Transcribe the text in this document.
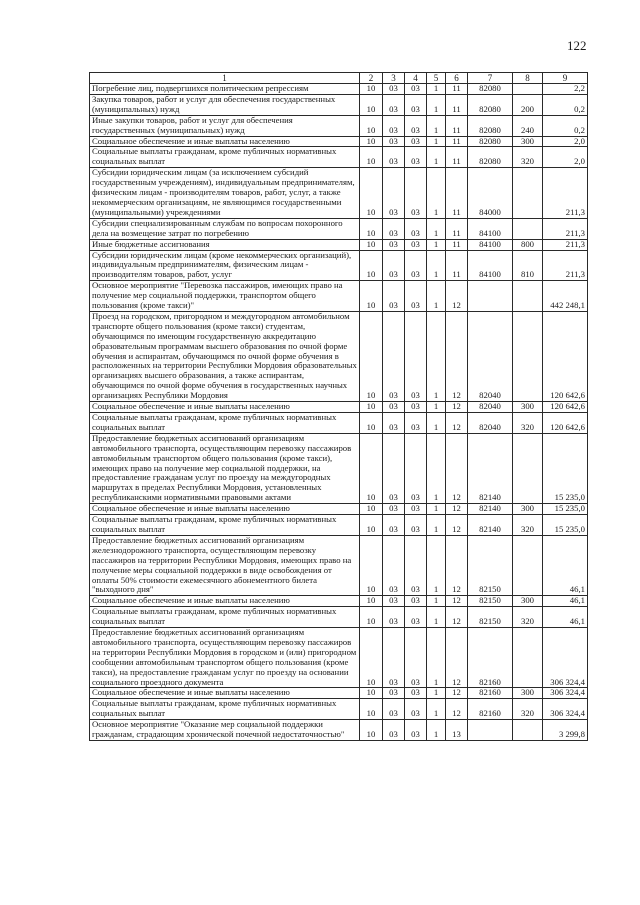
122
1	2	3	4	5	6	7	8	9
Погребение лиц, подвергшихся политическим репрессиям	10	03	03	1	11	82080		2,2
Закупка товаров, работ и услуг для обеспечения государственных (муниципальных) нужд	10	03	03	1	11	82080	200	0,2
Иные закупки товаров, работ и услуг для обеспечения государственных (муниципальных) нужд	10	03	03	1	11	82080	240	0,2
Социальное обеспечение и иные выплаты населению	10	03	03	1	11	82080	300	2,0
Социальные выплаты гражданам, кроме публичных нормативных социальных выплат	10	03	03	1	11	82080	320	2,0
Субсидии юридическим лицам (за исключением субсидий государственным учреждениям), индивидуальным предпринимателям, физическим лицам - производителям товаров, работ, услуг, а также некоммерческим организациям, не являющимся государственными (муниципальными) учреждениями	10	03	03	1	11	84000		211,3
Субсидии специализированным службам по вопросам похоронного дела на возмещение затрат по погребению	10	03	03	1	11	84100		211,3
Иные бюджетные ассигнования	10	03	03	1	11	84100	800	211,3
Субсидии юридическим лицам (кроме некоммерческих организаций), индивидуальным предпринимателям, физическим лицам - производителям товаров, работ, услуг	10	03	03	1	11	84100	810	211,3
Основное мероприятие "Перевозка пассажиров, имеющих право на получение мер социальной поддержки, транспортом общего пользования (кроме такси)"	10	03	03	1	12			442 248,1
Проезд на городском, пригородном и междугородном автомобильном транспорте общего пользования (кроме такси) студентам, обучающимся по имеющим государственную аккредитацию образовательным программам высшего образования по очной форме обучения и аспирантам, обучающимся по очной форме обучения в расположенных на территории Республики Мордовия образовательных организациях высшего образования, а также аспирантам, обучающимся по очной форме обучения в государственных научных организациях Республики Мордовия	10	03	03	1	12	82040		120 642,6
Социальное обеспечение и иные выплаты населению	10	03	03	1	12	82040	300	120 642,6
Социальные выплаты гражданам, кроме публичных нормативных социальных выплат	10	03	03	1	12	82040	320	120 642,6
Предоставление бюджетных ассигнований организациям автомобильного транспорта, осуществляющим перевозку пассажиров автомобильным транспортом общего пользования (кроме такси), имеющих право на получение мер социальной поддержки, на предоставление гражданам услуг по проезду на междугородных маршрутах в пределах Республики Мордовия, установленных республиканскими нормативными правовыми актами	10	03	03	1	12	82140		15 235,0
Социальное обеспечение и иные выплаты населению	10	03	03	1	12	82140	300	15 235,0
Социальные выплаты гражданам, кроме публичных нормативных социальных выплат	10	03	03	1	12	82140	320	15 235,0
Предоставление бюджетных ассигнований организациям железнодорожного транспорта, осуществляющим перевозку пассажиров на территории Республики Мордовия, имеющих право на получение меры социальной поддержки в виде освобождения от оплаты 50% стоимости ежемесячного абонементного билета "выходного дня"	10	03	03	1	12	82150		46,1
Социальное обеспечение и иные выплаты населению	10	03	03	1	12	82150	300	46,1
Социальные выплаты гражданам, кроме публичных нормативных социальных выплат	10	03	03	1	12	82150	320	46,1
Предоставление бюджетных ассигнований организациям автомобильного транспорта, осуществляющим перевозку пассажиров на территории Республики Мордовия в городском и (или) пригородном сообщении автомобильным транспортом общего пользования (кроме такси), на предоставление гражданам услуг по проезду на основании социального проездного документа	10	03	03	1	12	82160		306 324,4
Социальное обеспечение и иные выплаты населению	10	03	03	1	12	82160	300	306 324,4
Социальные выплаты гражданам, кроме публичных нормативных социальных выплат	10	03	03	1	12	82160	320	306 324,4
Основное мероприятие "Оказание мер социальной поддержки гражданам, страдающим хронической почечной недостаточностью"	10	03	03	1	13			3 299,8
